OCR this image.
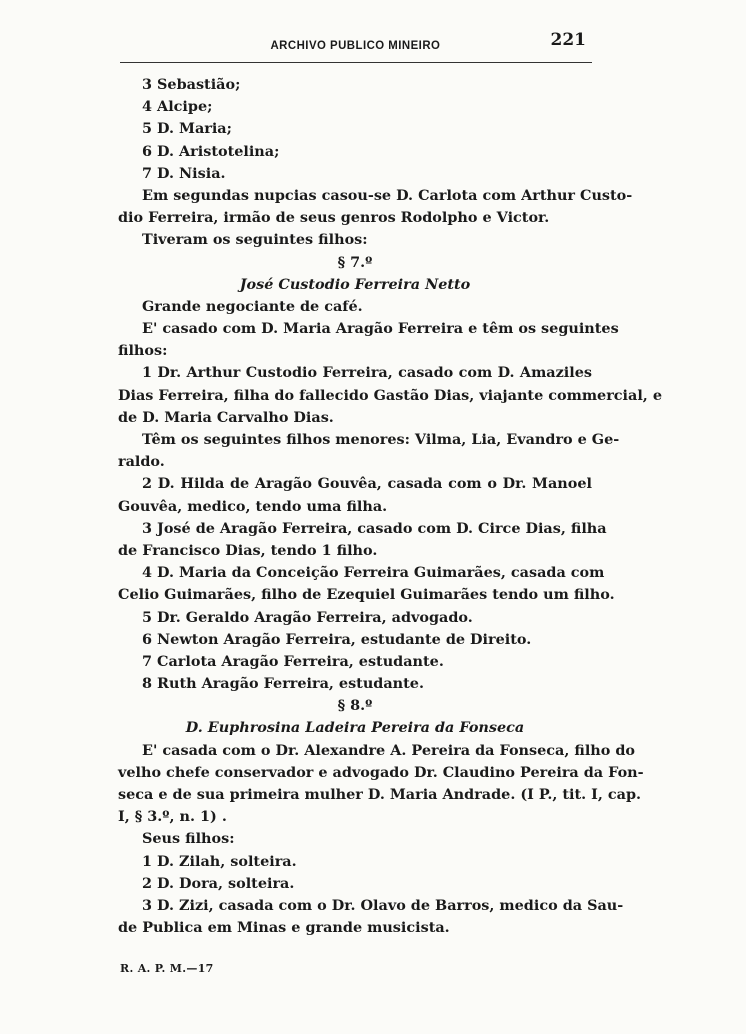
ARCHIVO PUBLICO MINEIRO	221
3 Sebastião;
4 Alcipe;
5 D. Maria;
6 D. Aristotelina;
7 D. Nisia.
Em segundas nupcias casou-se D. Carlota com Arthur Custo-
dio Ferreira, irmão de seus genros Rodolpho e Victor.
Tiveram os seguintes filhos:
§ 7.º
José Custodio Ferreira Netto
Grande negociante de café.
E' casado com D. Maria Aragão Ferreira e têm os seguintes
filhos:
1 Dr. Arthur Custodio Ferreira, casado com D. Amaziles
Dias Ferreira, filha do fallecido Gastão Dias, viajante commercial, e
de D. Maria Carvalho Dias.
Têm os seguintes filhos menores: Vilma, Lia, Evandro e Ge-
raldo.
2 D. Hilda de Aragão Gouvêa, casada com o Dr. Manoel
Gouvêa, medico, tendo uma filha.
3 José de Aragão Ferreira, casado com D. Circe Dias, filha
de Francisco Dias, tendo 1 filho.
4 D. Maria da Conceição Ferreira Guimarães, casada com
Celio Guimarães, filho de Ezequiel Guimarães tendo um filho.
5 Dr. Geraldo Aragão Ferreira, advogado.
6 Newton Aragão Ferreira, estudante de Direito.
7 Carlota Aragão Ferreira, estudante.
8 Ruth Aragão Ferreira, estudante.
§ 8.º
D. Euphrosina Ladeira Pereira da Fonseca
E' casada com o Dr. Alexandre A. Pereira da Fonseca, filho do
velho chefe conservador e advogado Dr. Claudino Pereira da Fon-
seca e de sua primeira mulher D. Maria Andrade. (I P., tit. I, cap.
I, § 3.º, n. 1) .
Seus filhos:
1 D. Zilah, solteira.
2 D. Dora, solteira.
3 D. Zizi, casada com o Dr. Olavo de Barros, medico da Sau-
de Publica em Minas e grande musicista.
R. A. P. M.—17
